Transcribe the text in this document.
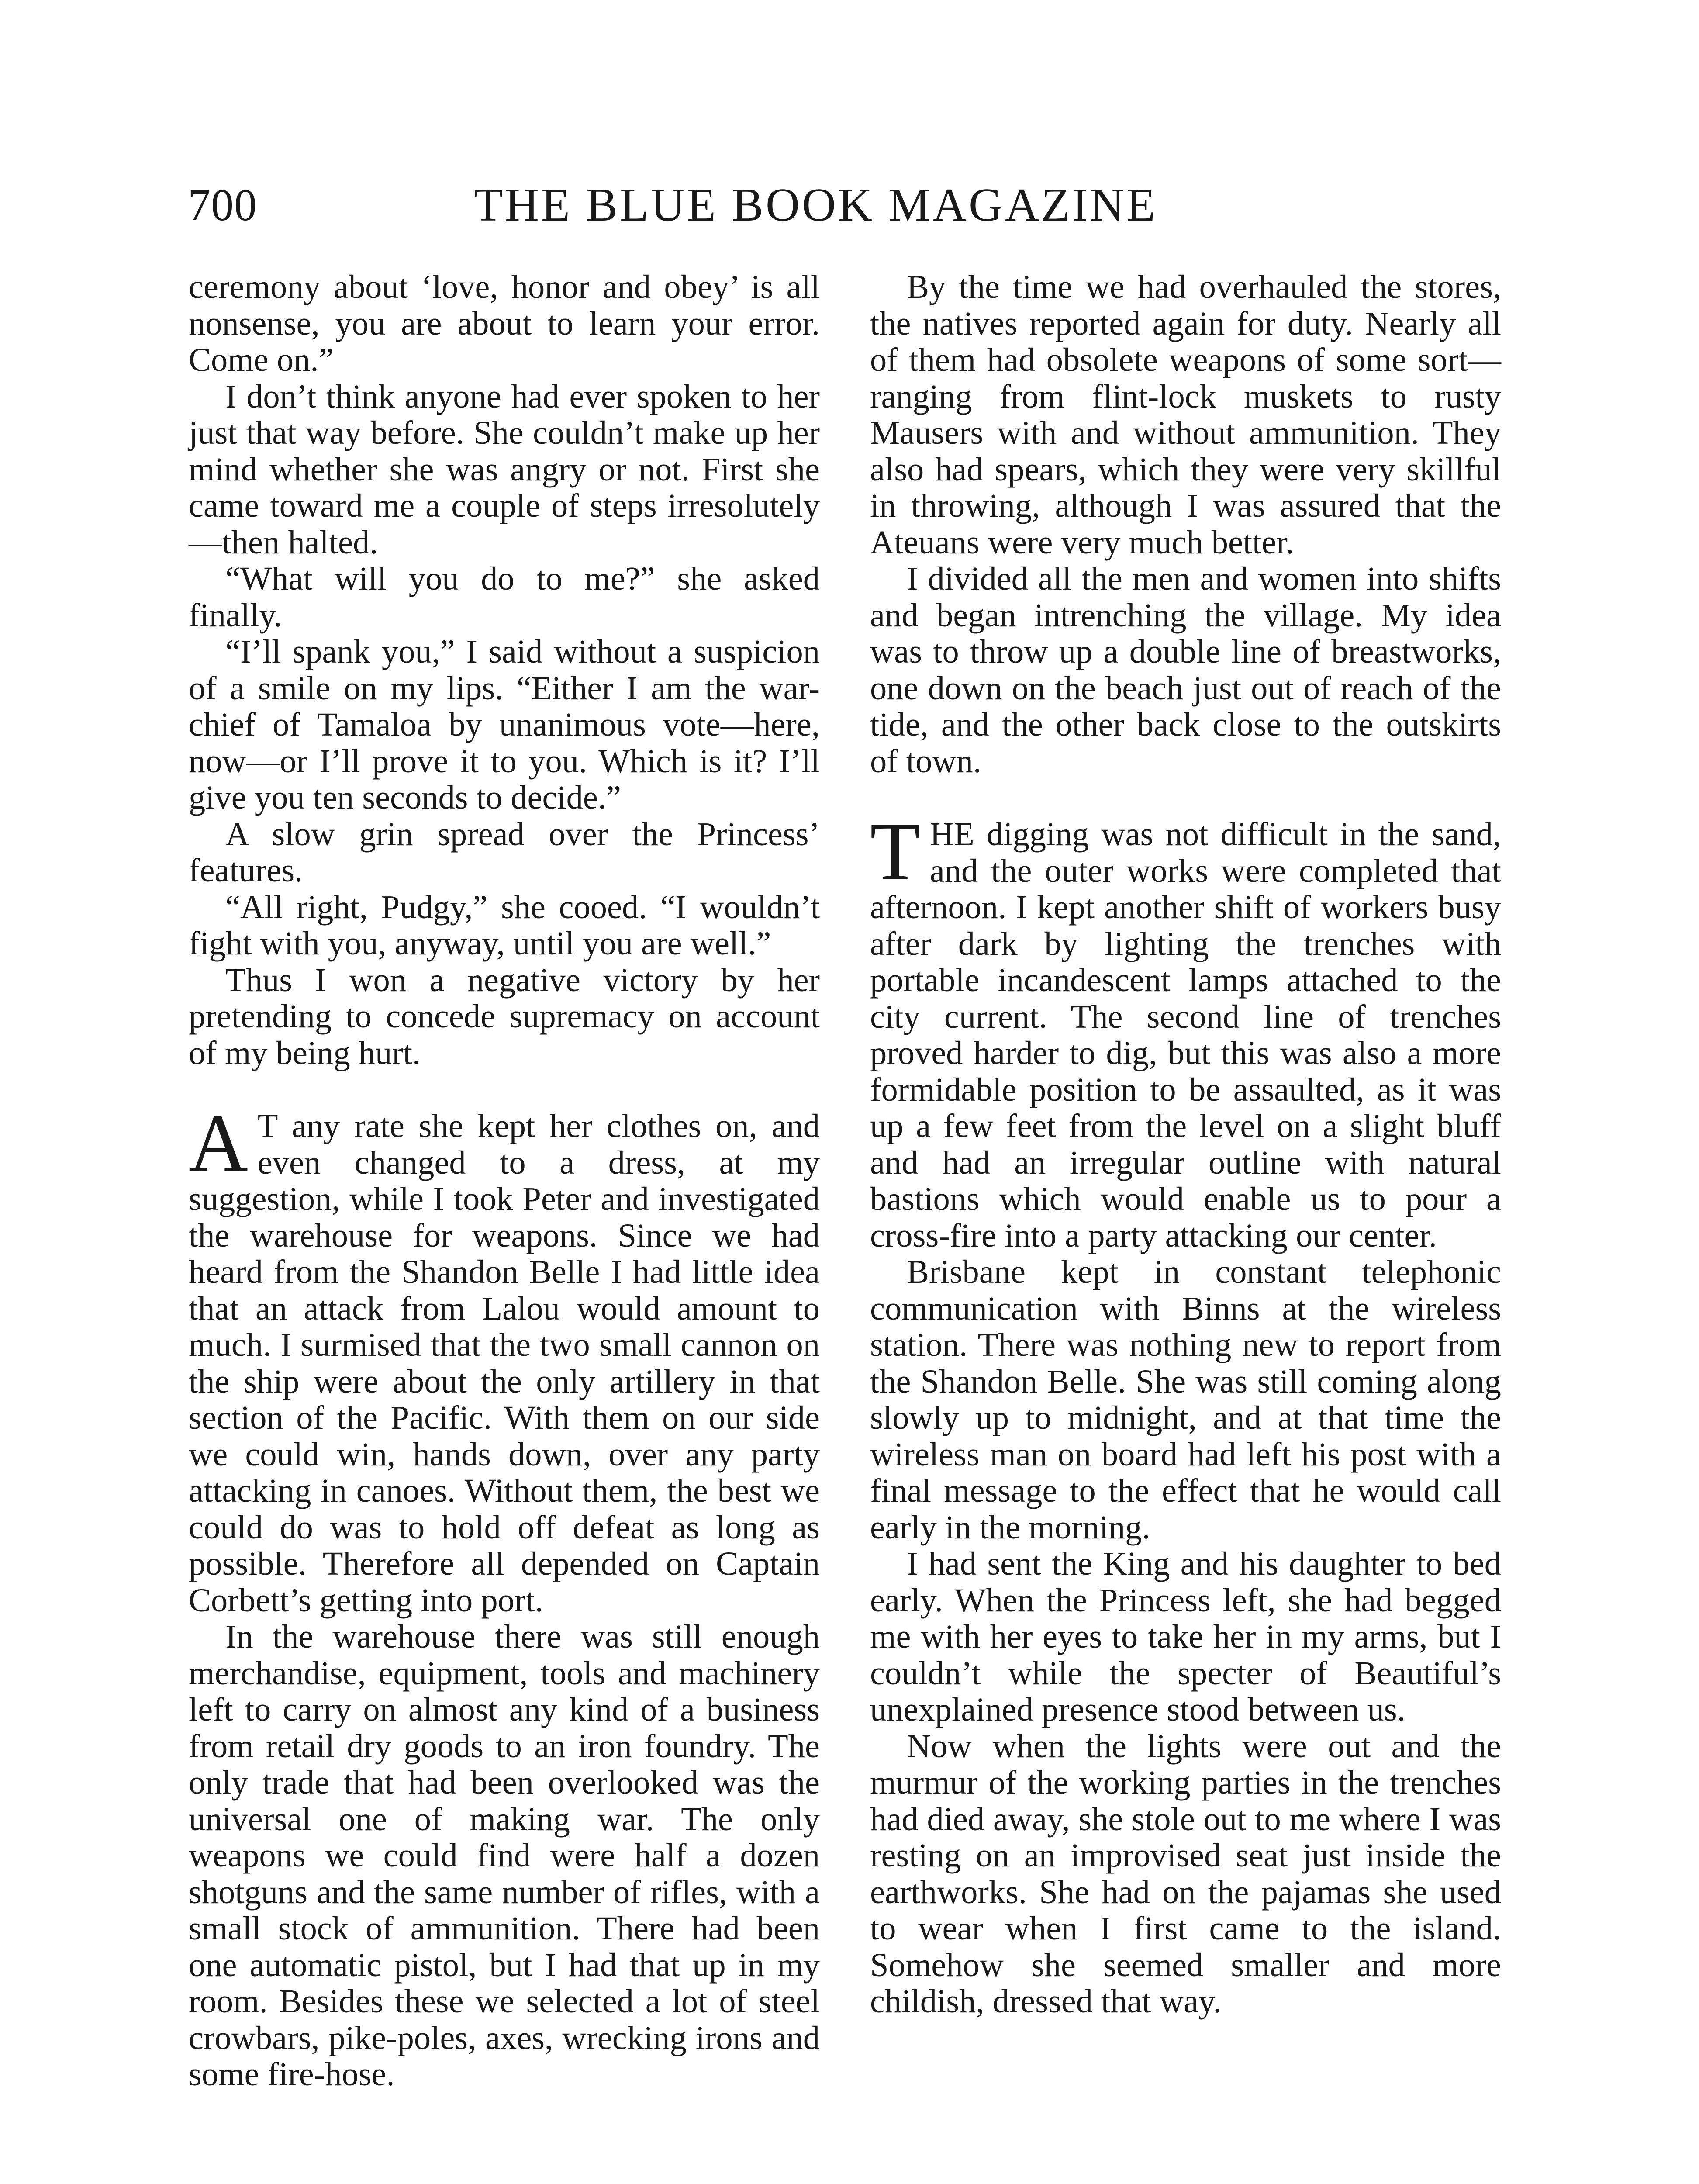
700	THE BLUE BOOK MAGAZINE

ceremony about ‘love, honor and obey’ is all nonsense, you are about to learn your error. Come on.”

I don’t think anyone had ever spoken to her just that way before. She couldn’t make up her mind whether she was angry or not. First she came toward me a couple of steps irresolutely—then halted.

“What will you do to me?” she asked finally.

“I’ll spank you,” I said without a suspicion of a smile on my lips. “Either I am the war-chief of Tamaloa by unanimous vote—here, now—or I’ll prove it to you. Which is it? I’ll give you ten seconds to decide.”

A slow grin spread over the Princess’ features.

“All right, Pudgy,” she cooed. “I wouldn’t fight with you, anyway, until you are well.”

Thus I won a negative victory by her pretending to concede supremacy on account of my being hurt.

A T any rate she kept her clothes on, and even changed to a dress, at my suggestion, while I took Peter and investigated the warehouse for weapons. Since we had heard from the Shandon Belle I had little idea that an attack from Lalou would amount to much. I surmised that the two small cannon on the ship were about the only artillery in that section of the Pacific. With them on our side we could win, hands down, over any party attacking in canoes. Without them, the best we could do was to hold off defeat as long as possible. Therefore all depended on Captain Corbett’s getting into port.

In the warehouse there was still enough merchandise, equipment, tools and machinery left to carry on almost any kind of a business from retail dry goods to an iron foundry. The only trade that had been overlooked was the universal one of making war. The only weapons we could find were half a dozen shotguns and the same number of rifles, with a small stock of ammunition. There had been one automatic pistol, but I had that up in my room. Besides these we selected a lot of steel crowbars, pike-poles, axes, wrecking irons and some fire-hose.

By the time we had overhauled the stores, the natives reported again for duty. Nearly all of them had obsolete weapons of some sort—ranging from flint-lock muskets to rusty Mausers with and without ammunition. They also had spears, which they were very skillful in throwing, although I was assured that the Ateuans were very much better.

I divided all the men and women into shifts and began intrenching the village. My idea was to throw up a double line of breastworks, one down on the beach just out of reach of the tide, and the other back close to the outskirts of town.

THE digging was not difficult in the sand, and the outer works were completed that afternoon. I kept another shift of workers busy after dark by lighting the trenches with portable incandescent lamps attached to the city current. The second line of trenches proved harder to dig, but this was also a more formidable position to be assaulted, as it was up a few feet from the level on a slight bluff and had an irregular outline with natural bastions which would enable us to pour a cross-fire into a party attacking our center.

Brisbane kept in constant telephonic communication with Binns at the wireless station. There was nothing new to report from the Shandon Belle. She was still coming along slowly up to midnight, and at that time the wireless man on board had left his post with a final message to the effect that he would call early in the morning.

I had sent the King and his daughter to bed early. When the Princess left, she had begged me with her eyes to take her in my arms, but I couldn’t while the specter of Beautiful’s unexplained presence stood between us.

Now when the lights were out and the murmur of the working parties in the trenches had died away, she stole out to me where I was resting on an improvised seat just inside the earthworks. She had on the pajamas she used to wear when I first came to the island. Somehow she seemed smaller and more childish, dressed that way.
